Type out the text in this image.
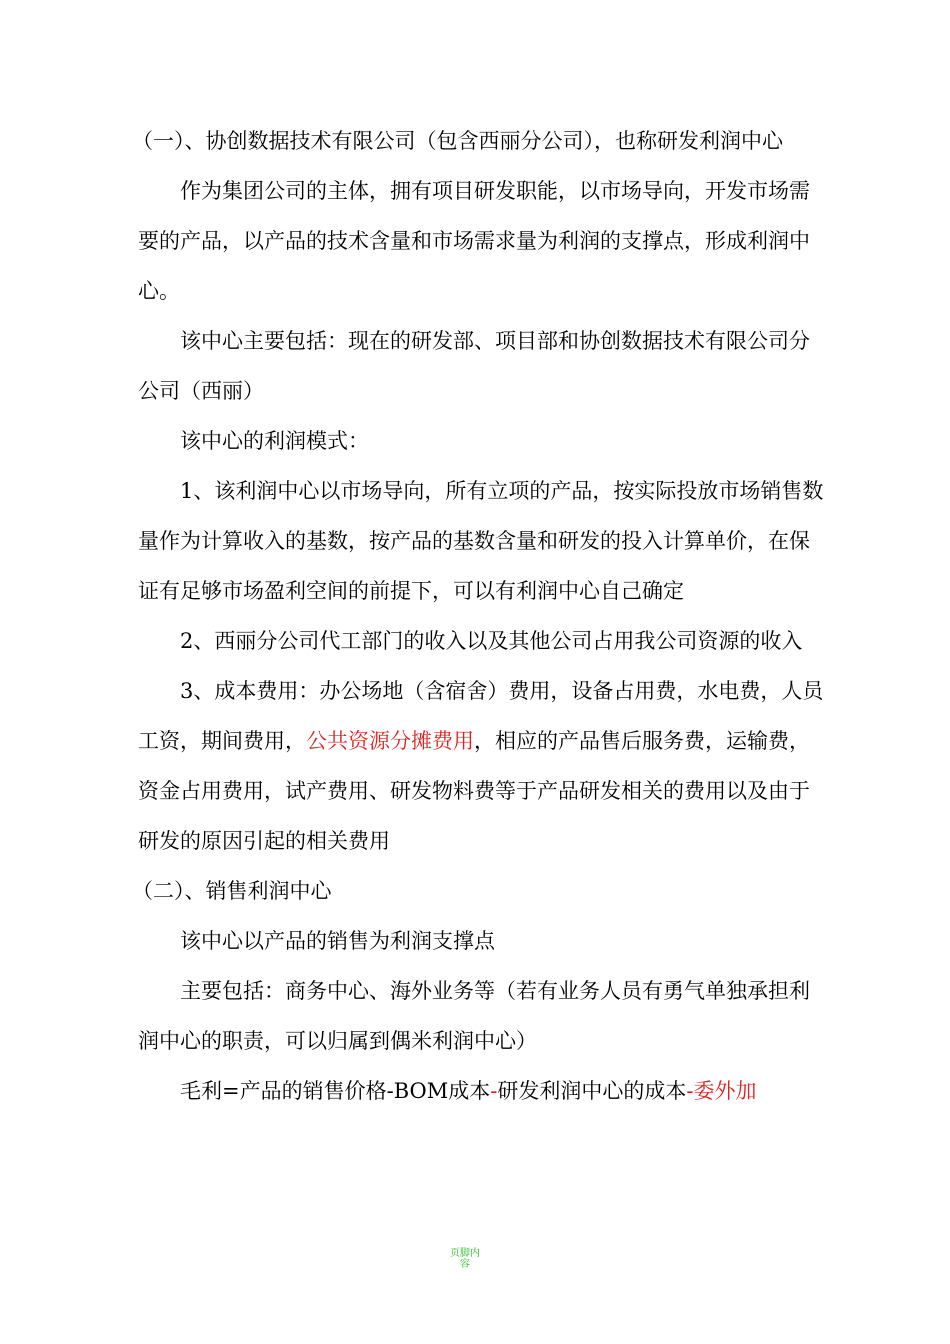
（一）、协创数据技术有限公司（包含西丽分公司），也称研发利润中心

作为集团公司的主体，拥有项目研发职能，以市场导向，开发市场需要的产品，以产品的技术含量和市场需求量为利润的支撑点，形成利润中心。

该中心主要包括：现在的研发部、项目部和协创数据技术有限公司分公司（西丽）

该中心的利润模式：

1、该利润中心以市场导向，所有立项的产品，按实际投放市场销售数量作为计算收入的基数，按产品的基数含量和研发的投入计算单价，在保证有足够市场盈利空间的前提下，可以有利润中心自己确定

2、西丽分公司代工部门的收入以及其他公司占用我公司资源的收入

3、成本费用：办公场地（含宿舍）费用，设备占用费，水电费，人员工资，期间费用，公共资源分摊费用，相应的产品售后服务费，运输费，资金占用费用，试产费用、研发物料费等于产品研发相关的费用以及由于研发的原因引起的相关费用

（二）、销售利润中心

该中心以产品的销售为利润支撑点

主要包括：商务中心、海外业务等（若有业务人员有勇气单独承担利润中心的职责，可以归属到偶米利润中心）

毛利=产品的销售价格-BOM成本-研发利润中心的成本-委外加

页脚内容
